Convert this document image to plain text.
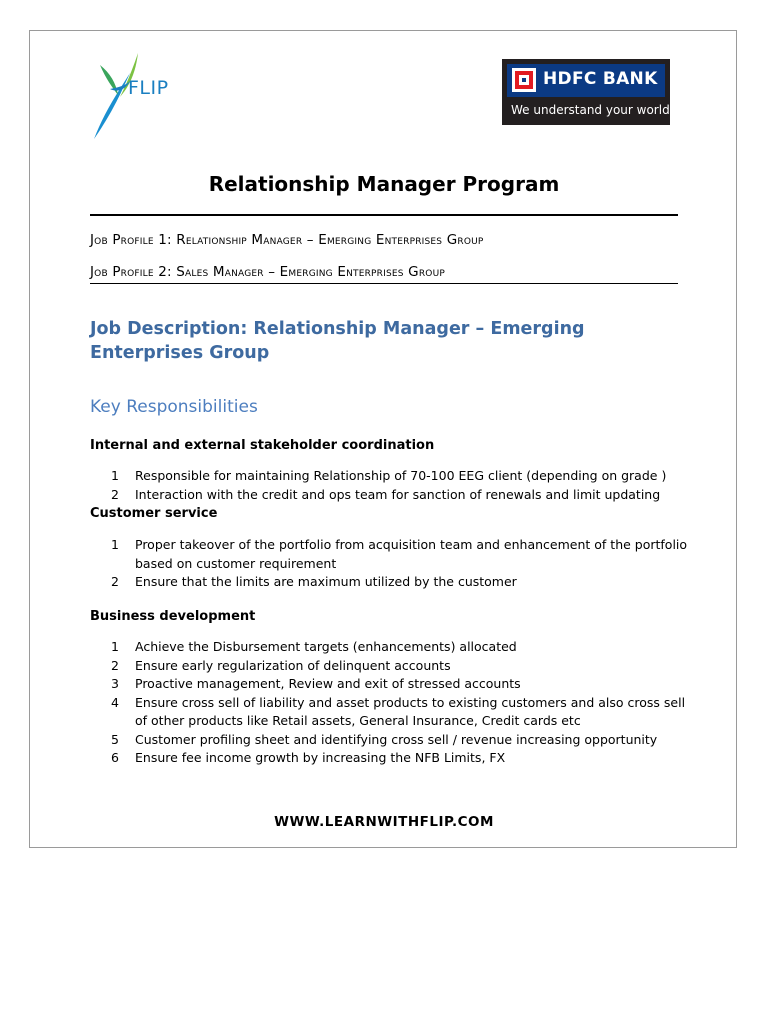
FLIP	HDFC BANK
We understand your world
Relationship Manager Program
Job Profile 1: Relationship Manager – Emerging Enterprises Group
Job Profile 2: Sales Manager – Emerging Enterprises Group
Job Description: Relationship Manager – Emerging Enterprises Group
Key Responsibilities
Internal and external stakeholder coordination
1 Responsible for maintaining Relationship of 70-100 EEG client (depending on grade )
2 Interaction with the credit and ops team for sanction of renewals and limit updating
Customer service
1 Proper takeover of the portfolio from acquisition team and enhancement of the portfolio based on customer requirement
2 Ensure that the limits are maximum utilized by the customer
Business development
1 Achieve the Disbursement targets (enhancements) allocated
2 Ensure early regularization of delinquent accounts
3 Proactive management, Review and exit of stressed accounts
4 Ensure cross sell of liability and asset products to existing customers and also cross sell of other products like Retail assets, General Insurance, Credit cards etc
5 Customer profiling sheet and identifying cross sell / revenue increasing opportunity
6 Ensure fee income growth by increasing the NFB Limits, FX
WWW.LEARNWITHFLIP.COM
